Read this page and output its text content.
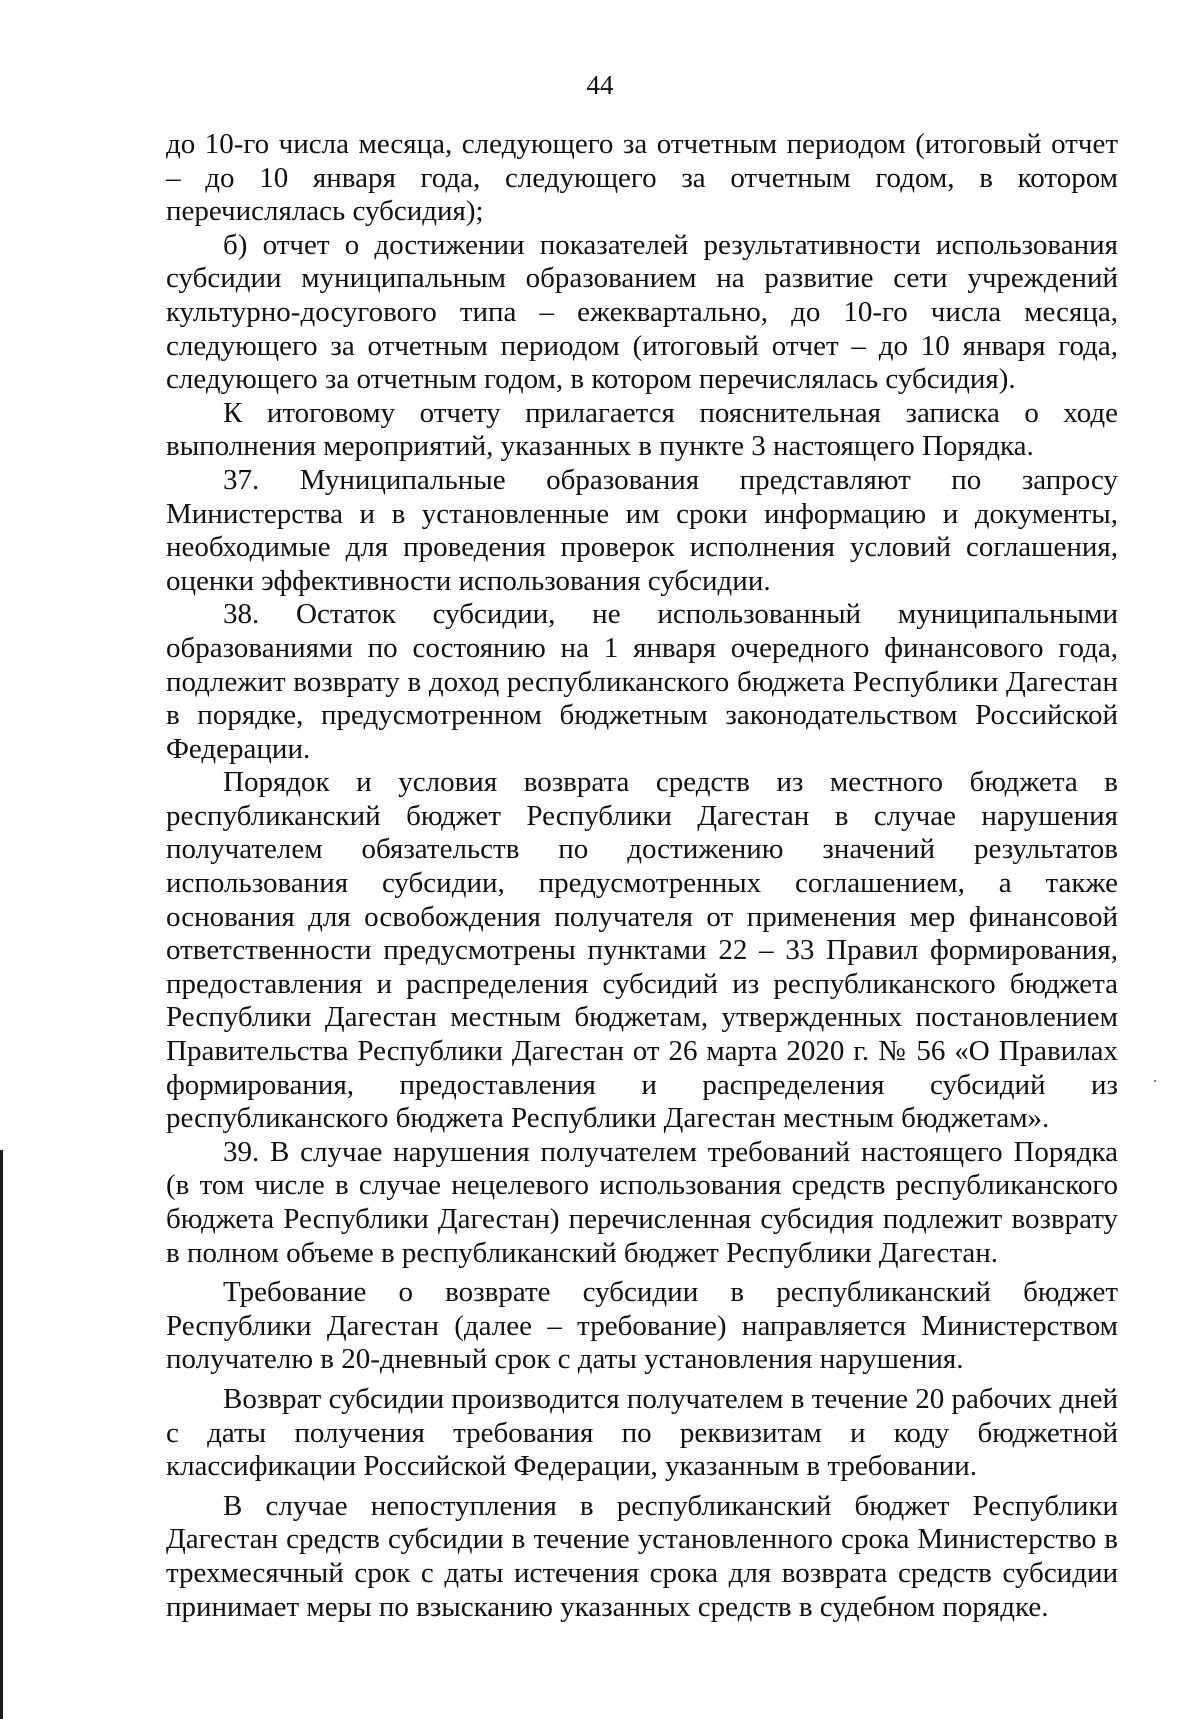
44

до 10-го числа месяца, следующего за отчетным периодом (итоговый отчет – до 10 января года, следующего за отчетным годом, в котором перечислялась субсидия);

б) отчет о достижении показателей результативности использования субсидии муниципальным образованием на развитие сети учреждений культурно-досугового типа – ежеквартально, до 10-го числа месяца, следующего за отчетным периодом (итоговый отчет – до 10 января года, следующего за отчетным годом, в котором перечислялась субсидия).

К итоговому отчету прилагается пояснительная записка о ходе выполнения мероприятий, указанных в пункте 3 настоящего Порядка.

37. Муниципальные образования представляют по запросу Министерства и в установленные им сроки информацию и документы, необходимые для проведения проверок исполнения условий соглашения, оценки эффективности использования субсидии.

38. Остаток субсидии, не использованный муниципальными образованиями по состоянию на 1 января очередного финансового года, подлежит возврату в доход республиканского бюджета Республики Дагестан в порядке, предусмотренном бюджетным законодательством Российской Федерации.

Порядок и условия возврата средств из местного бюджета в республиканский бюджет Республики Дагестан в случае нарушения получателем обязательств по достижению значений результатов использования субсидии, предусмотренных соглашением, а также основания для освобождения получателя от применения мер финансовой ответственности предусмотрены пунктами 22 – 33 Правил формирования, предоставления и распределения субсидий из республиканского бюджета Республики Дагестан местным бюджетам, утвержденных постановлением Правительства Республики Дагестан от 26 марта 2020 г. № 56 «О Правилах формирования, предоставления и распределения субсидий из республиканского бюджета Республики Дагестан местным бюджетам».

39. В случае нарушения получателем требований настоящего Порядка (в том числе в случае нецелевого использования средств республиканского бюджета Республики Дагестан) перечисленная субсидия подлежит возврату в полном объеме в республиканский бюджет Республики Дагестан.

Требование о возврате субсидии в республиканский бюджет Республики Дагестан (далее – требование) направляется Министерством получателю в 20-дневный срок с даты установления нарушения.

Возврат субсидии производится получателем в течение 20 рабочих дней с даты получения требования по реквизитам и коду бюджетной классификации Российской Федерации, указанным в требовании.

В случае непоступления в республиканский бюджет Республики Дагестан средств субсидии в течение установленного срока Министерство в трехмесячный срок с даты истечения срока для возврата средств субсидии принимает меры по взысканию указанных средств в судебном порядке.
